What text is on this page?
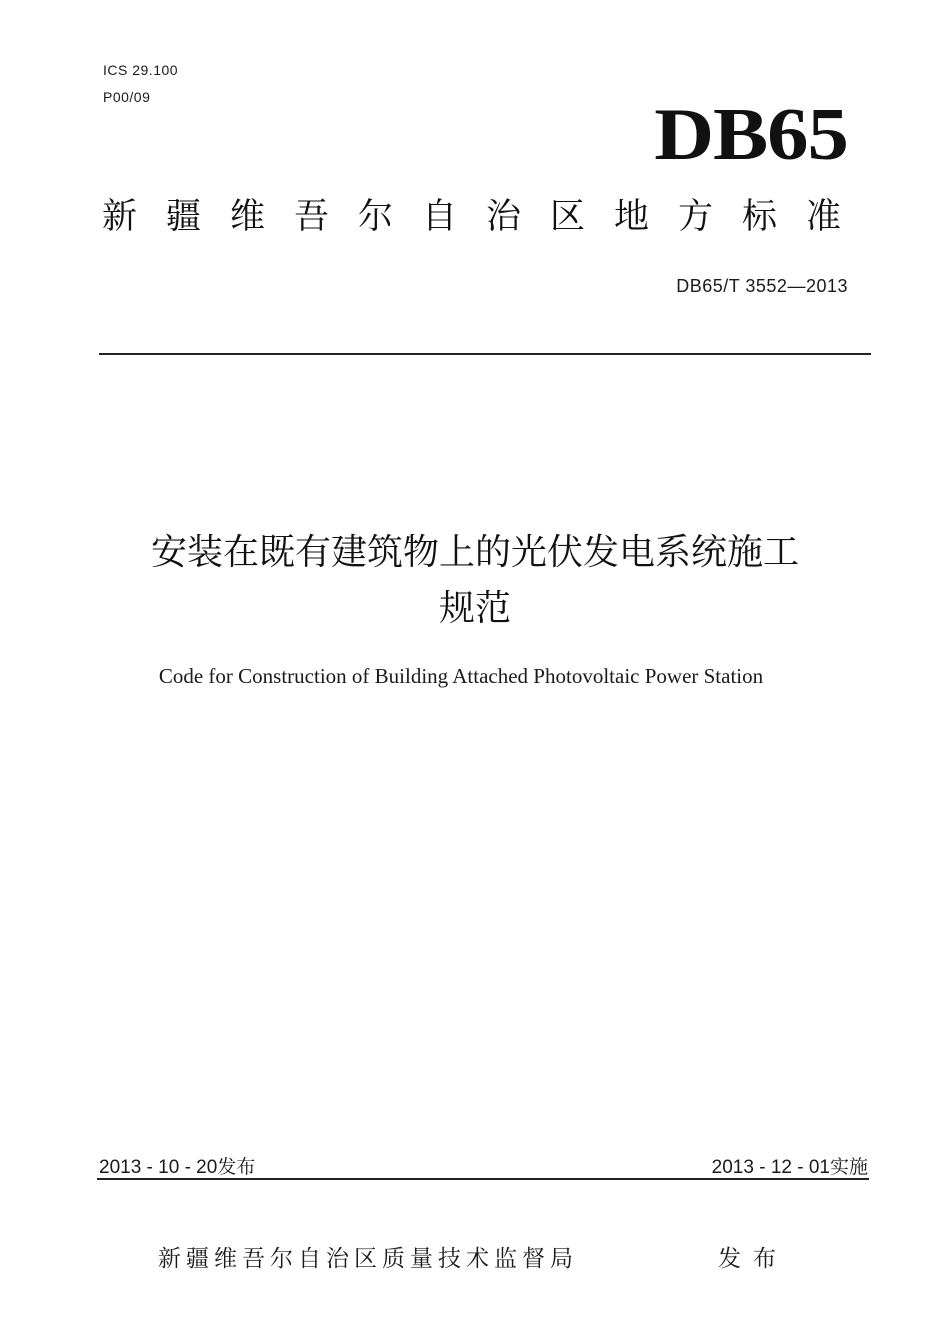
ICS 29.100
P00/09	DB65
新疆维吾尔自治区地方标准
DB65/T 3552—2013
安装在既有建筑物上的光伏发电系统施工
规范
Code for Construction of Building Attached Photovoltaic Power Station
2013 - 10 - 20发布	2013 - 12 - 01实施
新疆维吾尔自治区质量技术监督局	发布
